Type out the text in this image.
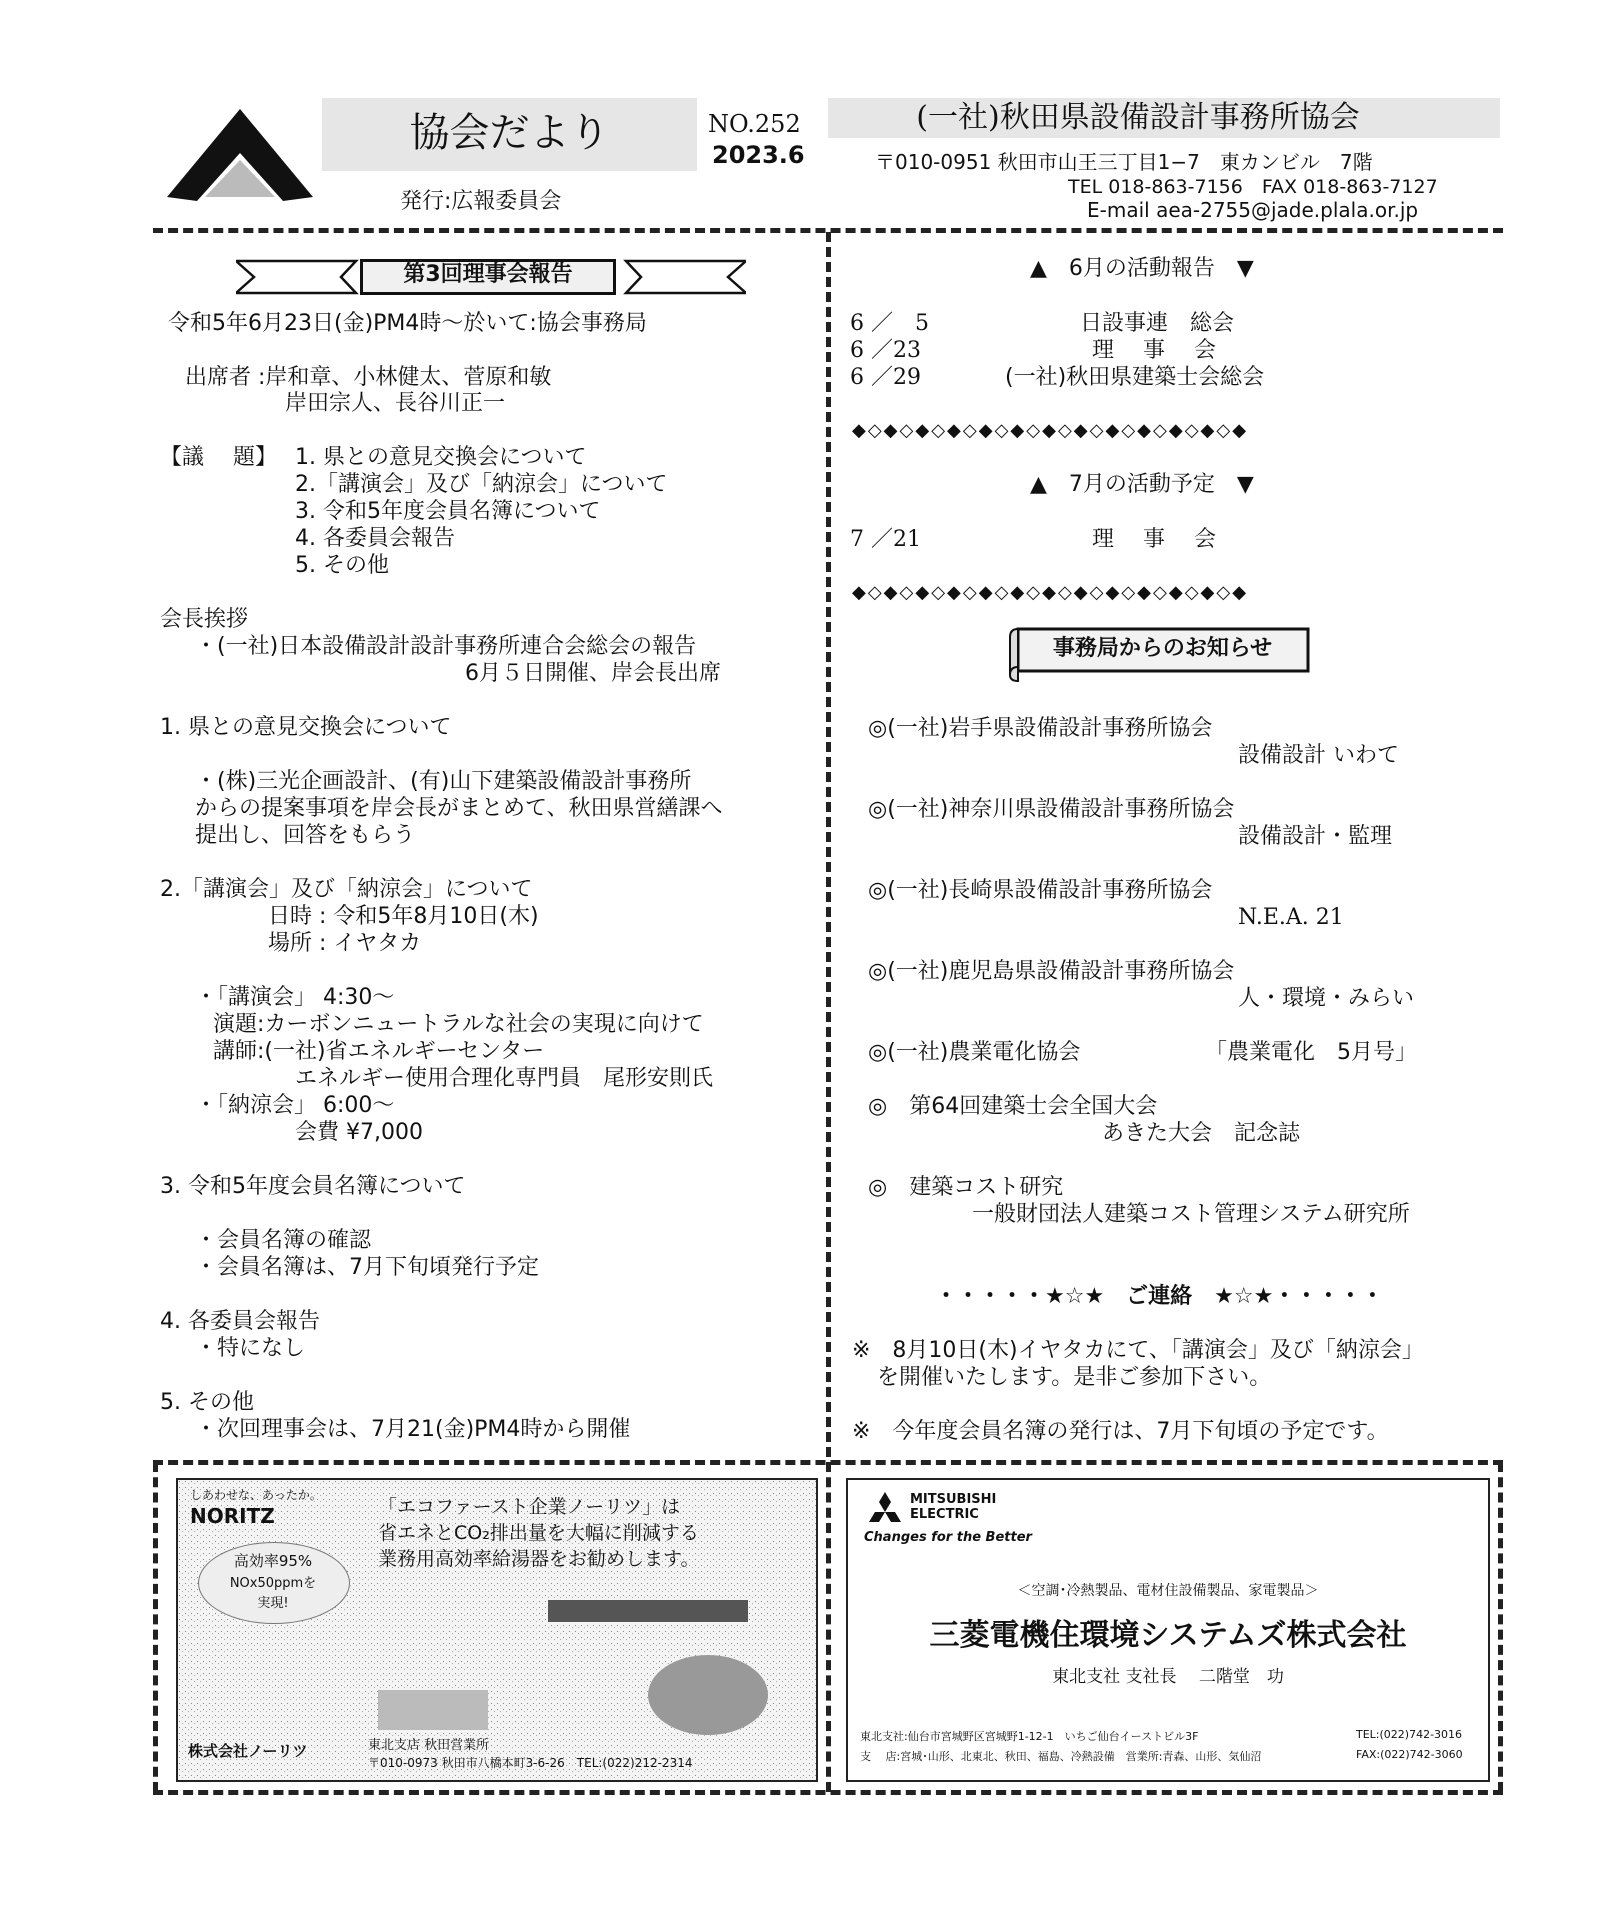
協会だより
発行:広報委員会
NO.252
2023.6
(一社)秋田県設備設計事務所協会
〒010-0951 秋田市山王三丁目1−7　東カンビル　7階
TEL 018-863-7156　FAX 018-863-7127
E-mail aea-2755@jade.plala.or.jp
第3回理事会報告
令和5年6月23日(金)PM4時～於いて:協会事務局
出席者 :岸和章、小林健太、菅原和敏
岸田宗人、長谷川正一
【議　 題】 1. 県との意見交換会について
2.「講演会」及び「納涼会」について
3. 令和5年度会員名簿について
4. 各委員会報告
5. その他
会長挨拶
・(一社)日本設備設計設計事務所連合会総会の報告
6月５日開催、岸会長出席
1. 県との意見交換会について
・(株)三光企画設計、(有)山下建築設備設計事務所
からの提案事項を岸会長がまとめて、秋田県営繕課へ
提出し、回答をもらう
2.「講演会」及び「納涼会」について
日時 : 令和5年8月10日(木)
場所 : イヤタカ
・「講演会」 4:30～
演題:カーボンニュートラルな社会の実現に向けて
講師:(一社)省エネルギーセンター
エネルギー使用合理化専門員　尾形安則氏
・「納涼会」 6:00～
会費 ¥7,000
3. 令和5年度会員名簿について
・会員名簿の確認
・会員名簿は、7月下旬頃発行予定
4. 各委員会報告
・特になし
5. その他
・次回理事会は、7月21(金)PM4時から開催
▲　6月の活動報告　▼
6 ／　5	日設事連　総会
6 ／23	理　 事　 会
6 ／29	(一社)秋田県建築士会総会
◆◇◆◇◆◇◆◇◆◇◆◇◆◇◆◇◆◇◆◇◆◇◆◇◆
▲　7月の活動予定　▼
7 ／21	理　 事　 会
◆◇◆◇◆◇◆◇◆◇◆◇◆◇◆◇◆◇◆◇◆◇◆◇◆
事務局からのお知らせ
◎(一社)岩手県設備設計事務所協会
設備設計 いわて
◎(一社)神奈川県設備設計事務所協会
設備設計・監理
◎(一社)長崎県設備設計事務所協会
N.E.A. 21
◎(一社)鹿児島県設備設計事務所協会
人・環境・みらい
◎(一社)農業電化協会	「農業電化　5月号」
◎　第64回建築士会全国大会
あきた大会　記念誌
◎　建築コスト研究
一般財団法人建築コスト管理システム研究所
・・・・・★☆★　ご連絡　★☆★・・・・・
※　8月10日(木)イヤタカにて、「講演会」及び「納涼会」
を開催いたします。是非ご参加下さい。
※　今年度会員名簿の発行は、7月下旬頃の予定です。
しあわせな、あったか。
NORITZ	「エコファースト企業ノーリツ」は
省エネとCO₂排出量を大幅に削減する
業務用高効率給湯器をお勧めします。
高効率95%
NOx50ppmを
実現!
株式会社ノーリツ	東北支店 秋田営業所
〒010-0973 秋田市八橋本町3-6-26　TEL:(022)212-2314
MITSUBISHI
ELECTRIC
Changes for the Better
＜空調･冷熱製品、電材住設備製品、家電製品＞
三菱電機住環境システムズ株式会社
東北支社 支社長　 二階堂　功
東北支社:仙台市宮城野区宮城野1-12-1　いちご仙台イーストビル3F	TEL:(022)742-3016
支　 店:宮城･山形、北東北、秋田、福島、冷熱設備　営業所:青森、山形、気仙沼	FAX:(022)742-3060
